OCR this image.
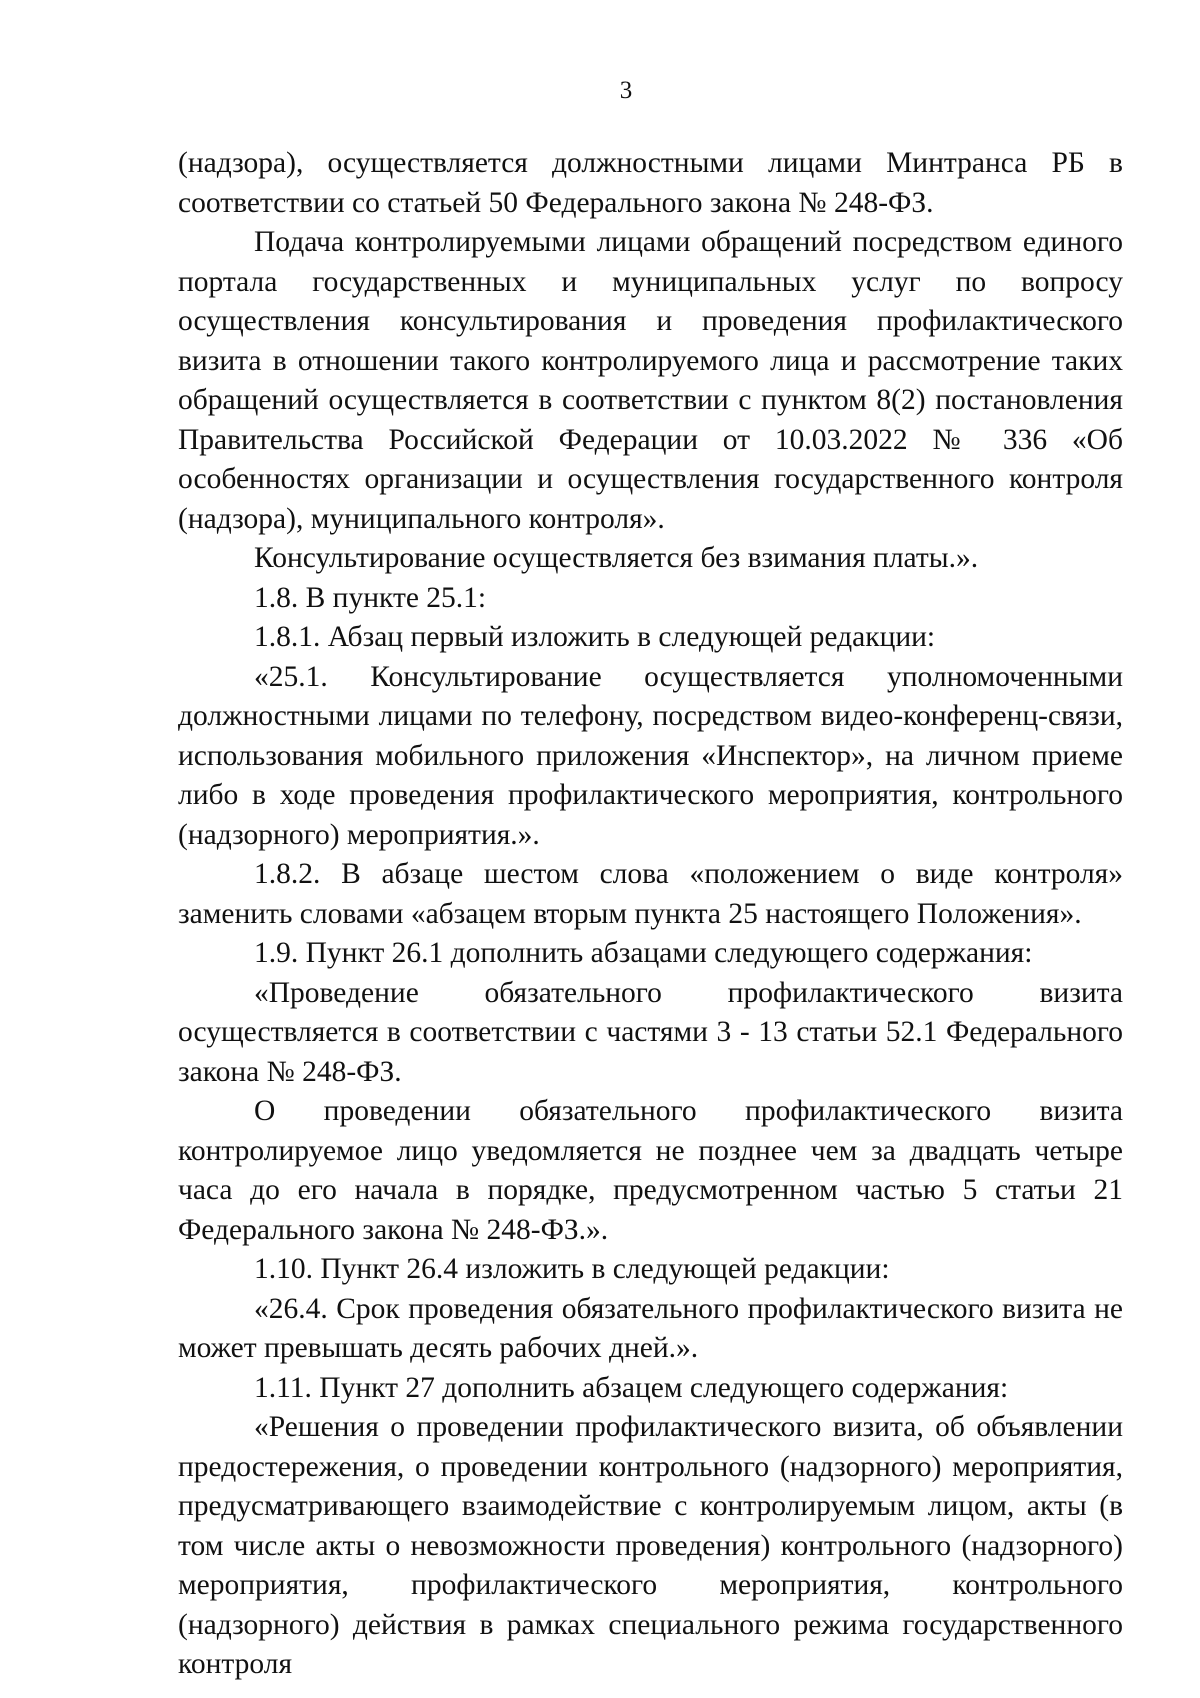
3

(надзора), осуществляется должностными лицами Минтранса РБ в соответствии со статьей 50 Федерального закона № 248-ФЗ.

Подача контролируемыми лицами обращений посредством единого портала государственных и муниципальных услуг по вопросу осуществления консультирования и проведения профилактического визита в отношении такого контролируемого лица и рассмотрение таких обращений осуществляется в соответствии с пунктом 8(2) постановления Правительства Российской Федерации от 10.03.2022 № 336 «Об особенностях организации и осуществления государственного контроля (надзора), муниципального контроля».

Консультирование осуществляется без взимания платы.».

1.8. В пункте 25.1:

1.8.1. Абзац первый изложить в следующей редакции:

«25.1. Консультирование осуществляется уполномоченными должностными лицами по телефону, посредством видео-конференц-связи, использования мобильного приложения «Инспектор», на личном приеме либо в ходе проведения профилактического мероприятия, контрольного (надзорного) мероприятия.».

1.8.2. В абзаце шестом слова «положением о виде контроля» заменить словами «абзацем вторым пункта 25 настоящего Положения».

1.9. Пункт 26.1 дополнить абзацами следующего содержания:

«Проведение обязательного профилактического визита осуществляется в соответствии с частями 3 - 13 статьи 52.1 Федерального закона № 248-ФЗ.

О проведении обязательного профилактического визита контролируемое лицо уведомляется не позднее чем за двадцать четыре часа до его начала в порядке, предусмотренном частью 5 статьи 21 Федерального закона № 248-ФЗ.».

1.10. Пункт 26.4 изложить в следующей редакции:

«26.4. Срок проведения обязательного профилактического визита не может превышать десять рабочих дней.».

1.11. Пункт 27 дополнить абзацем следующего содержания:

«Решения о проведении профилактического визита, об объявлении предостережения, о проведении контрольного (надзорного) мероприятия, предусматривающего взаимодействие с контролируемым лицом, акты (в том числе акты о невозможности проведения) контрольного (надзорного) мероприятия, профилактического мероприятия, контрольного (надзорного) действия в рамках специального режима государственного контроля
